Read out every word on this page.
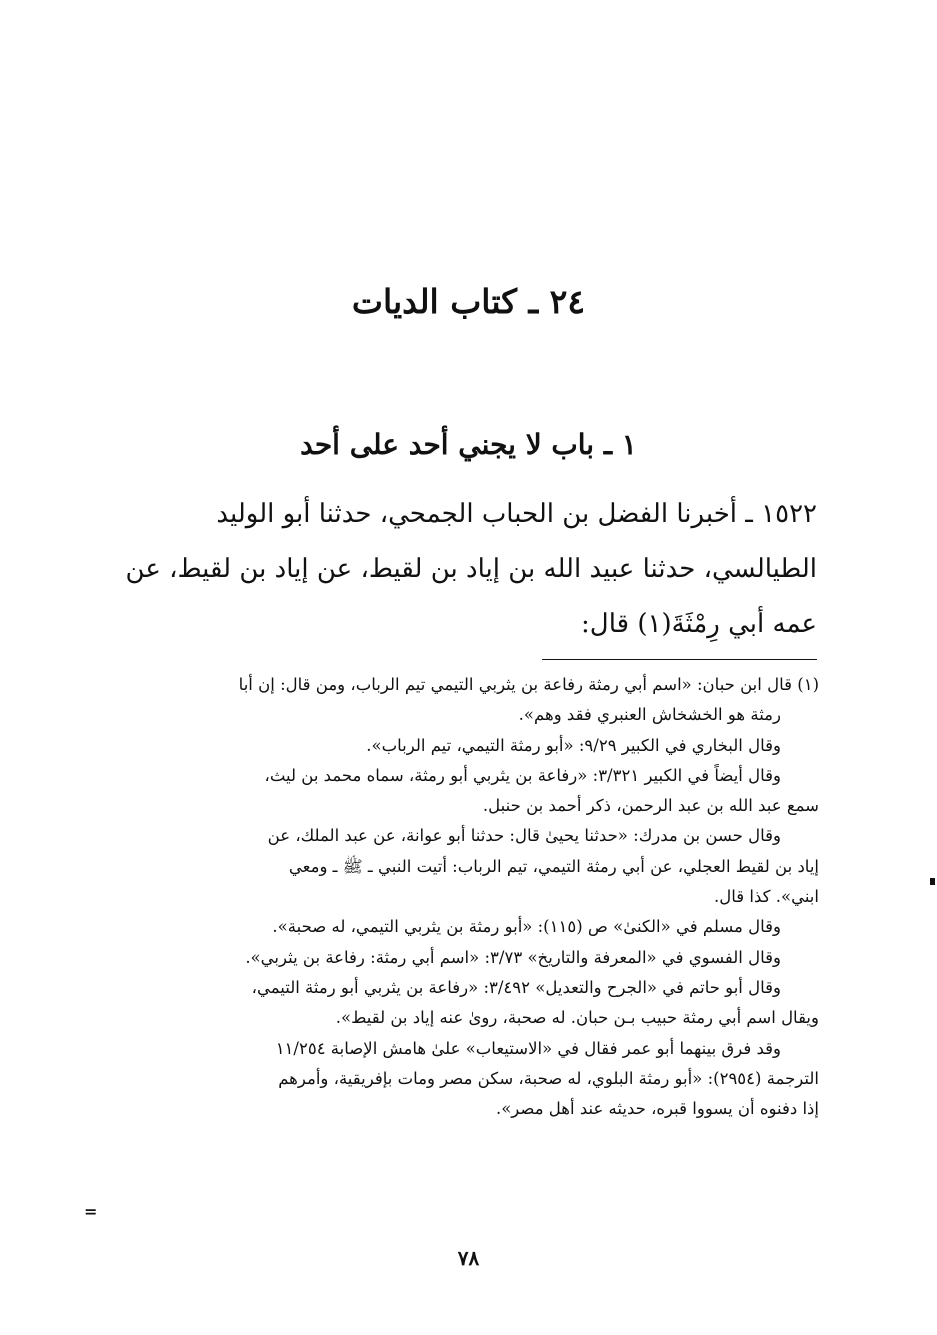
٢٤ ـ كتاب الديات
١ ـ باب لا يجني أحد على أحد

١٥٢٢ ـ أخبرنا الفضل بن الحباب الجمحي، حدثنا أبو الوليد

الطيالسي، حدثنا عبيد الله بن إياد بن لقيط، عن إياد بن لقيط، عن

عمه أبي رِمْثَةَ(١) قال:

(١) قال ابن حبان: «اسم أبي رمثة رفاعة بن يثربي التيمي تيم الرباب، ومن قال: إن أبا

رمثة هو الخشخاش العنبري فقد وهم».

وقال البخاري في الكبير ٩/٢٩: «أبو رمثة التيمي، تيم الرباب».

وقال أيضاً في الكبير ٣/٣٢١: «رفاعة بن يثربي أبو رمثة، سماه محمد بن ليث،

سمع عبد الله بن عبد الرحمن، ذكر أحمد بن حنبل.

وقال حسن بن مدرك: «حدثنا يحيىٰ قال: حدثنا أبو عوانة، عن عبد الملك، عن

إياد بن لقيط العجلي، عن أبي رمثة التيمي، تيم الرباب: أتيت النبي ـ ﷺ ـ ومعي

ابني». كذا قال.

وقال مسلم في «الكنىٰ» ص (١١٥): «أبو رمثة بن يثربي التيمي، له صحبة».

وقال الفسوي في «المعرفة والتاريخ» ٣/٧٣: «اسم أبي رمثة: رفاعة بن يثربي».

وقال أبو حاتم في «الجرح والتعديل» ٣/٤٩٢: «رفاعة بن يثربي أبو رمثة التيمي،

ويقال اسم أبي رمثة حبيب بـن حبان. له صحبة، روىٰ عنه إياد بن لقيط».

وقد فرق بينهما أبو عمر فقال في «الاستيعاب» علىٰ هامش الإصابة ١١/٢٥٤

الترجمة (٢٩٥٤): «أبو رمثة البلوي، له صحبة، سكن مصر ومات بإفريقية، وأمرهم

إذا دفنوه أن يسووا قبره، حديثه عند أهل مصر».

=
٧٨
